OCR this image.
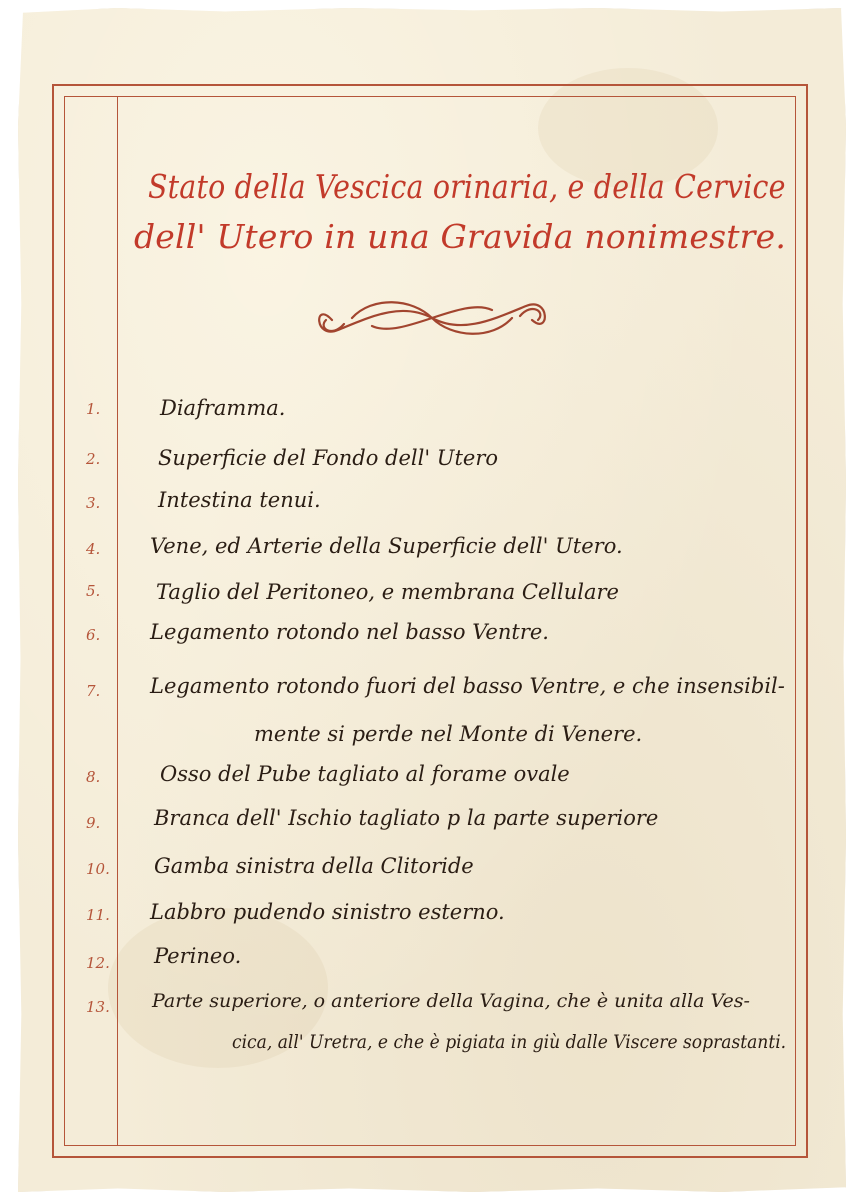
Stato della Vescica orinaria, e della Cervice
dell' Utero in una Gravida nonimestre.
1.	Diaframma.
2.	Superficie del Fondo dell' Utero
3.	Intestina tenui.
4.	Vene, ed Arterie della Superficie dell' Utero.
5.	Taglio del Peritoneo, e membrana Cellulare
6.	Legamento rotondo nel basso Ventre.
7.	Legamento rotondo fuori del basso Ventre, e che insensibil-
mente si perde nel Monte di Venere.
8.	Osso del Pube tagliato al forame ovale
9.	Branca dell' Ischio tagliato p la parte superiore
10.	Gamba sinistra della Clitoride
11.	Labbro pudendo sinistro esterno.
12.	Perineo.
13.	Parte superiore, o anteriore della Vagina, che è unita alla Ves-
cica, all' Uretra, e che è pigiata in giù dalle Viscere soprastanti.
